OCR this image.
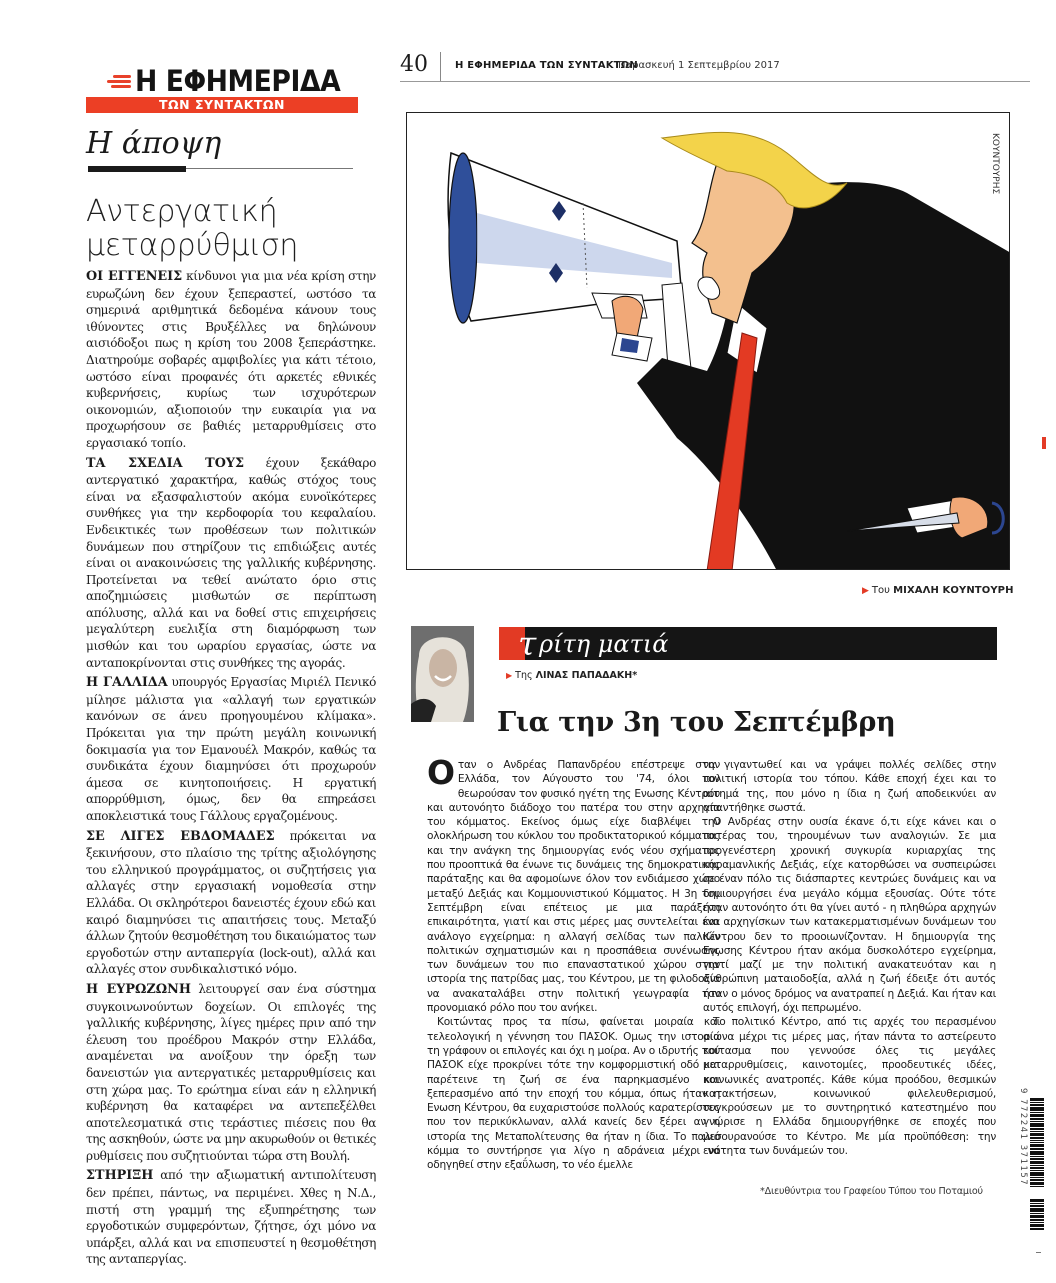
Η ΕΦΗΜΕΡΙΔΑ
ΤΩΝ ΣΥΝΤΑΚΤΩΝ
Η άποψη
Αντεργατική μεταρρύθμιση

ΟΙ ΕΓΓΕΝΕΙΣ κίνδυνοι για μια νέα κρίση στην ευρωζώνη δεν έχουν ξεπεραστεί, ωστόσο τα σημερινά αριθμητικά δεδομένα κάνουν τους ιθύνοντες στις Βρυξέλλες να δηλώνουν αισιόδοξοι πως η κρίση του 2008 ξεπεράστηκε. Διατηρούμε σοβαρές αμφιβολίες για κάτι τέτοιο, ωστόσο είναι προφανές ότι αρκετές εθνικές κυβερνήσεις, κυρίως των ισχυρότερων οικονομιών, αξιοποιούν την ευκαιρία για να προχωρήσουν σε βαθιές μεταρρυθμίσεις στο εργασιακό τοπίο.

ΤΑ ΣΧΕΔΙΑ ΤΟΥΣ έχουν ξεκάθαρο αντεργατικό χαρακτήρα, καθώς στόχος τους είναι να εξασφαλιστούν ακόμα ευνοϊκότερες συνθήκες για την κερδοφορία του κεφαλαίου. Ενδεικτικές των προθέσεων των πολιτικών δυνάμεων που στηρίζουν τις επιδιώξεις αυτές είναι οι ανακοινώσεις της γαλλικής κυβέρνησης. Προτείνεται να τεθεί ανώτατο όριο στις αποζημιώσεις μισθωτών σε περίπτωση απόλυσης, αλλά και να δοθεί στις επιχειρήσεις μεγαλύτερη ευελιξία στη διαμόρφωση των μισθών και του ωραρίου εργασίας, ώστε να ανταποκρίνονται στις συνθήκες της αγοράς.

Η ΓΑΛΛΙΔΑ υπουργός Εργασίας Μιριέλ Πενικό μίλησε μάλιστα για «αλλαγή των εργατικών κανόνων σε άνευ προηγουμένου κλίμακα». Πρόκειται για την πρώτη μεγάλη κοινωνική δοκιμασία για τον Εμανουέλ Μακρόν, καθώς τα συνδικάτα έχουν διαμηνύσει ότι προχωρούν άμεσα σε κινητοποιήσεις. Η εργατική απορρύθμιση, όμως, δεν θα επηρεάσει αποκλειστικά τους Γάλλους εργαζομένους.

ΣΕ ΛΙΓΕΣ ΕΒΔΟΜΑΔΕΣ πρόκειται να ξεκινήσουν, στο πλαίσιο της τρίτης αξιολόγησης του ελληνικού προγράμματος, οι συζητήσεις για αλλαγές στην εργασιακή νομοθεσία στην Ελλάδα. Οι σκληρότεροι δανειστές έχουν εδώ και καιρό διαμηνύσει τις απαιτήσεις τους. Μεταξύ άλλων ζητούν θεσμοθέτηση του δικαιώματος των εργοδοτών στην ανταπεργία (lock-out), αλλά και αλλαγές στον συνδικαλιστικό νόμο.

Η ΕΥΡΩΖΩΝΗ λειτουργεί σαν ένα σύστημα συγκοινωνούντων δοχείων. Οι επιλογές της γαλλικής κυβέρνησης, λίγες ημέρες πριν από την έλευση του προέδρου Μακρόν στην Ελλάδα, αναμένεται να ανοίξουν την όρεξη των δανειστών για αντεργατικές μεταρρυθμίσεις και στη χώρα μας. Το ερώτημα είναι εάν η ελληνική κυβέρνηση θα καταφέρει να αντεπεξέλθει αποτελεσματικά στις τεράστιες πιέσεις που θα της ασκηθούν, ώστε να μην ακυρωθούν οι θετικές ρυθμίσεις που συζητιούνται τώρα στη Βουλή.

ΣΤΗΡΙΞΗ από την αξιωματική αντιπολίτευση δεν πρέπει, πάντως, να περιμένει. Χθες η Ν.Δ., πιστή στη γραμμή της εξυπηρέτησης των εργοδοτικών συμφερόντων, ζήτησε, όχι μόνο να υπάρξει, αλλά και να επισπευστεί η θεσμοθέτηση της ανταπεργίας.

40	Η ΕΦΗΜΕΡΙΔΑ ΤΩΝ ΣΥΝΤΑΚΤΩΝ
Παρασκευή 1 Σεπτεμβρίου 2017
ΚΟΥΝΤΟΥΡΗΣ
▶ Του ΜΙΧΑΛΗ ΚΟΥΝΤΟΥΡΗ
τ ρίτη ματιά
▶ Της ΛΙΝΑΣ ΠΑΠΑΔΑΚΗ*
Για την 3η του Σεπτέμβρη

Οταν ο Ανδρέας Παπανδρέου επέστρεψε στην Ελλάδα, τον Αύγουστο του '74, όλοι τον θεωρούσαν τον φυσικό ηγέτη της Ενωσης Κέντρου και αυτονόητο διάδοχο του πατέρα του στην αρχηγία του κόμματος. Εκείνος όμως είχε διαβλέψει την ολοκλήρωση του κύκλου του προδικτατορικού κόμματος και την ανάγκη της δημιουργίας ενός νέου σχήματος που προοπτικά θα ένωνε τις δυνάμεις της δημοκρατικής παράταξης και θα αφομοίωνε όλον τον ενδιάμεσο χώρο μεταξύ Δεξιάς και Κομμουνιστικού Κόμματος. Η 3η του Σεπτέμβρη είναι επέτειος με μια παράξενη επικαιρότητα, γιατί και στις μέρες μας συντελείται ένα ανάλογο εγχείρημα: η αλλαγή σελίδας των παλιών πολιτικών σχηματισμών και η προσπάθεια συνένωσης των δυνάμεων του πιο επαναστατικού χώρου στην ιστορία της πατρίδας μας, του Κέντρου, με τη φιλοδοξία να ανακαταλάβει στην πολιτική γεωγραφία τον προνομιακό ρόλο που του ανήκει.

Κοιτώντας προς τα πίσω, φαίνεται μοιραία και τελεολογική η γέννηση του ΠΑΣΟΚ. Ομως την ιστορία τη γράφουν οι επιλογές και όχι η μοίρα. Αν ο ιδρυτής του ΠΑΣΟΚ είχε προκρίνει τότε την κομφορμιστική οδό και παρέτεινε τη ζωή σε ένα παρηκμασμένο και ξεπερασμένο από την εποχή του κόμμα, όπως ήταν η Ενωση Κέντρου, θα ευχαριστούσε πολλούς καρατερίστες που τον περικύκλωναν, αλλά κανείς δεν ξέρει αν η ιστορία της Μεταπολίτευσης θα ήταν η ίδια. Το παλιό κόμμα το συντήρησε για λίγο η αδράνεια μέχρι να οδηγηθεί στην εξαΰλωση, το νέο έμελλε

να γιγαντωθεί και να γράψει πολλές σελίδες στην πολιτική ιστορία του τόπου. Κάθε εποχή έχει και το αίτημά της, που μόνο η ίδια η ζωή αποδεικνύει αν απαντήθηκε σωστά.

Ο Ανδρέας στην ουσία έκανε ό,τι είχε κάνει και ο πατέρας του, τηρουμένων των αναλογιών. Σε μια προγενέστερη χρονική συγκυρία κυριαρχίας της καραμανλικής Δεξιάς, είχε κατορθώσει να συσπειρώσει σε έναν πόλο τις διάσπαρτες κεντρώες δυνάμεις και να δημιουργήσει ένα μεγάλο κόμμα εξουσίας. Ούτε τότε ήταν αυτονόητο ότι θα γίνει αυτό - η πληθώρα αρχηγών και αρχηγίσκων των κατακερματισμένων δυνάμεων του Κέντρου δεν το προοιωνίζονταν. Η δημιουργία της Ενωσης Κέντρου ήταν ακόμα δυσκολότερο εγχείρημα, γιατί μαζί με την πολιτική ανακατευόταν και η ανθρώπινη ματαιοδοξία, αλλά η ζωή έδειξε ότι αυτός ήταν ο μόνος δρόμος να ανατραπεί η Δεξιά. Και ήταν και αυτός επιλογή, όχι πεπρωμένο.

Το πολιτικό Κέντρο, από τις αρχές του περασμένου αιώνα μέχρι τις μέρες μας, ήταν πάντα το αστείρευτο κοίτασμα που γεννούσε όλες τις μεγάλες μεταρρυθμίσεις, καινοτομίες, προοδευτικές ιδέες, κοινωνικές ανατροπές. Κάθε κύμα προόδου, θεσμικών κατακτήσεων, κοινωνικού φιλελευθερισμού, συγκρούσεων με το συντηρητικό κατεστημένο που γνώρισε η Ελλάδα δημιουργήθηκε σε εποχές που μεσουρανούσε το Κέντρο. Με μία προϋπόθεση: την ενότητα των δυνάμεών του.

*Διευθύντρια του Γραφείου Τύπου του Ποταμιού
9 772241 371157
